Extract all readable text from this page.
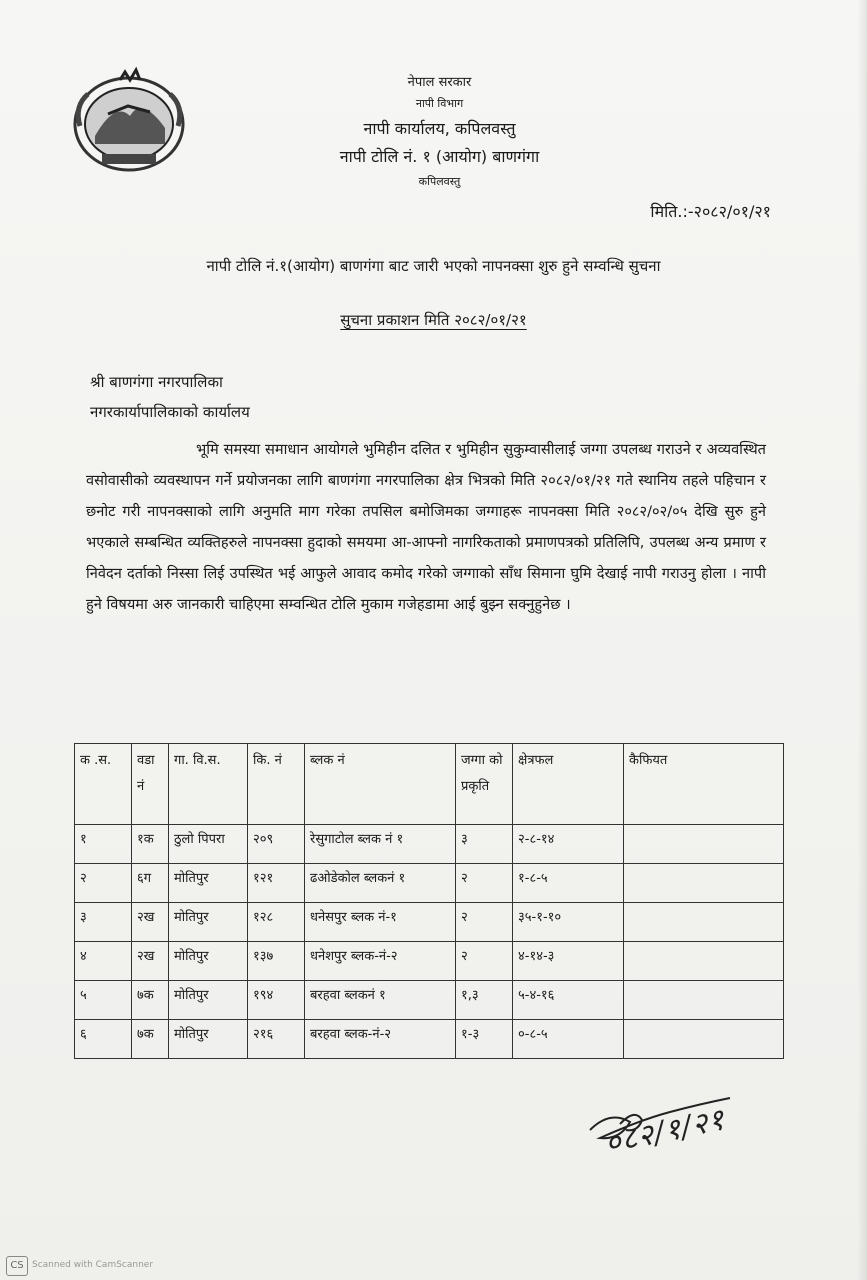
नेपाल सरकार
नापी विभाग
नापी कार्यालय, कपिलवस्तु
नापी टोलि नं. १ (आयोग) बाणगंगा
कपिलवस्तु
मिति.:-२०८२/०१/२१
नापी टोलि नं.१(आयोग) बाणगंगा बाट जारी भएको नापनक्सा शुरु हुने सम्वन्धि सुचना
सुचना प्रकाशन मिति २०८२/०१/२१
श्री बाणगंगा नगरपालिका
नगरकार्यापालिकाको कार्यालय
भूमि समस्या समाधान आयोगले भुमिहीन दलित र भुमिहीन सुकुम्वासीलाई जग्गा उपलब्ध गराउने र अव्यवस्थित वसोवासीको व्यवस्थापन गर्ने प्रयोजनका लागि बाणगंगा नगरपालिका क्षेत्र भित्रको मिति २०८२/०१/२१ गते स्थानिय तहले पहिचान र छनोट गरी नापनक्साको लागि अनुमति माग गरेका तपसिल बमोजिमका जग्गाहरू नापनक्सा मिति २०८२/०२/०५ देखि सुरु हुने भएकाले सम्बन्धित व्यक्तिहरुले नापनक्सा हुदाको समयमा आ-आफ्नो नागरिकताको प्रमाणपत्रको प्रतिलिपि, उपलब्ध अन्य प्रमाण र निवेदन दर्ताको निस्सा लिई उपस्थित भई आफुले आवाद कमोद गरेको जग्गाको साँध सिमाना घुमि देखाई नापी गराउनु होला । नापी हुने विषयमा अरु जानकारी चाहिएमा सम्वन्धित टोलि मुकाम गजेहडामा आई बुझ्न सक्नुहुनेछ ।
क .स.	वडा नं	गा. वि.स.	कि. नं	ब्लक नं	जग्गा को प्रकृति	क्षेत्रफल	कैफियत
१	१क	ठुलो पिपरा	२०९	रेसुगाटोल ब्लक नं १	३	२-८-१४	
२	६ग	मोतिपुर	१२१	ढओडेकोल ब्लकनं १	२	१-८-५	
३	२ख	मोतिपुर	१२८	धनेसपुर ब्लक नं-१	२	३५-१-१०	
४	२ख	मोतिपुर	१३७	धनेशपुर ब्लक-नं-२	२	४-१४-३	
५	७क	मोतिपुर	१९४	बरहवा ब्लकनं १	१,३	५-४-१६	
६	७क	मोतिपुर	२१६	बरहवा ब्लक-नं-२	१-३	०-८-५	
०८२/१/२१
CS Scanned with CamScanner
